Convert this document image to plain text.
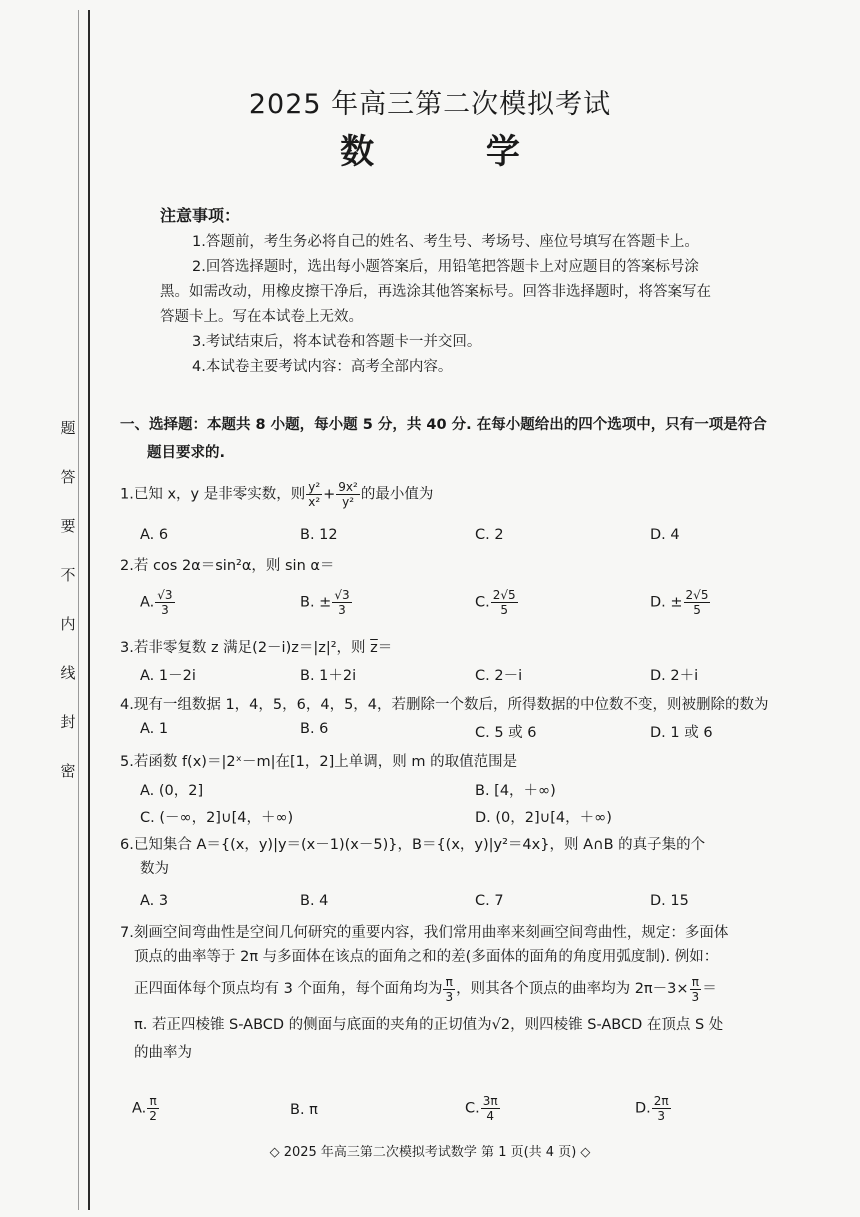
题
答
要
不
内
线
封
密
2025 年高三第二次模拟考试
数 学
注意事项：
1.答题前，考生务必将自己的姓名、考生号、考场号、座位号填写在答题卡上。
2.回答选择题时，选出每小题答案后，用铅笔把答题卡上对应题目的答案标号涂
黑。如需改动，用橡皮擦干净后，再选涂其他答案标号。回答非选择题时，将答案写在
答题卡上。写在本试卷上无效。
3.考试结束后，将本试卷和答题卡一并交回。
4.本试卷主要考试内容：高考全部内容。
一、选择题：本题共 8 小题，每小题 5 分，共 40 分. 在每小题给出的四个选项中，只有一项是符合
题目要求的.
1.已知 x，y 是非零实数，则 $\frac{\text{y²}}{\text{x²}} + \frac{\text{9x²}}{\text{y²}}$ 的最小值为
A. 6	B. 12	C. 2	D. 4
2.若 cos 2α＝sin²α，则 sin α＝
A. $\frac{√3}{3}$	B. ± $\frac{√3}{3}$	C. $\frac{2√5}{5}$	D. ± $\frac{2√5}{5}$
3.若非零复数 z 满足(2－i)z＝|z|²，则 $\overline{z}=$
A. 1－2i	B. 1＋2i	C. 2－i	D. 2＋i
4.现有一组数据 1，4，5，6，4，5，4，若删除一个数后，所得数据的中位数不变，则被删除的数为
A. 1	B. 6	C. 5 或 6	D. 1 或 6
5.若函数 f(x)＝|2ˣ－m|在[1，2]上单调，则 m 的取值范围是
A. (0，2]	B. [4，＋∞)
C. (－∞，2]∪[4，＋∞)	D. (0，2]∪[4，＋∞)
6.已知集合 A＝{(x，y)|y＝(x－1)(x－5)}，B＝{(x，y)|y²＝4x}，则 A∩B 的真子集的个
数为
A. 3	B. 4	C. 7	D. 15
7.刻画空间弯曲性是空间几何研究的重要内容，我们常用曲率来刻画空间弯曲性，规定：多面体
顶点的曲率等于 2π 与多面体在该点的面角之和的差(多面体的面角的角度用弧度制). 例如：
正四面体每个顶点均有 3 个面角，每个面角均为 $\frac{\pi}{3}$ ，则其各个顶点的曲率均为 $2\pi-3\times \frac{\pi}{3}$ ＝
π. 若正四棱锥 S-ABCD 的侧面与底面的夹角的正切值为√2，则四棱锥 S-ABCD 在顶点 S 处
的曲率为
A. $\frac{\pi}{2}$	B. π	C. $\frac{3\pi}{4}$	D. $\frac{2\pi}{3}$
◇ 2025 年高三第二次模拟考试数学 第 1 页(共 4 页) ◇
